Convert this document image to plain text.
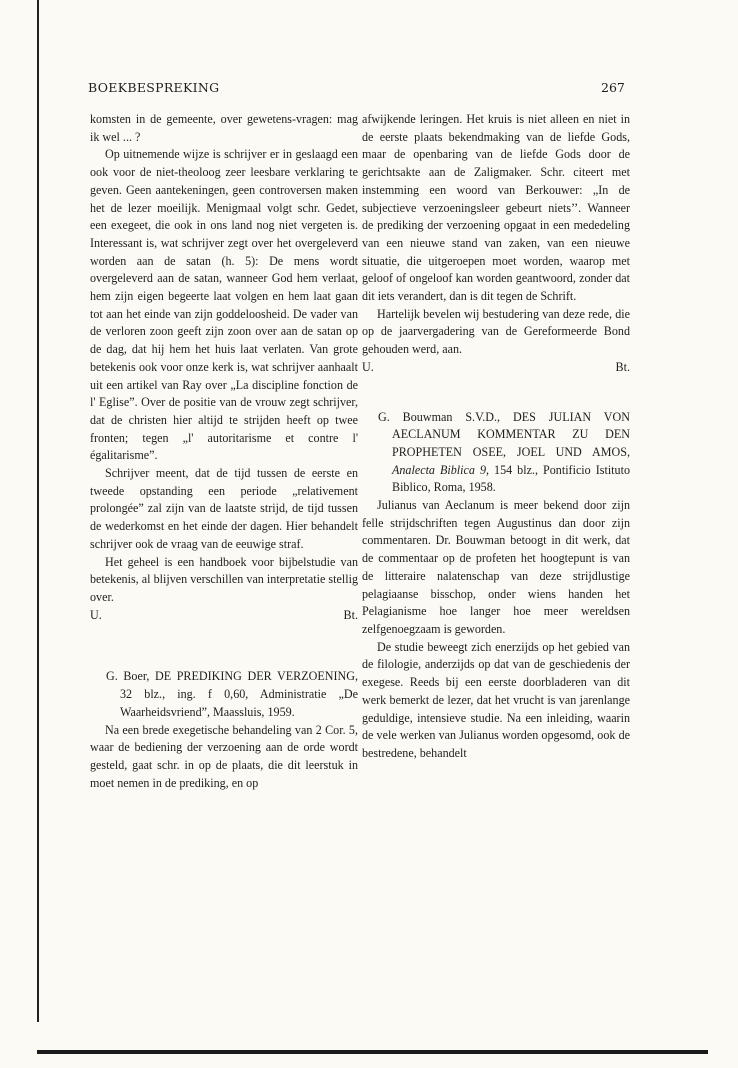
BOEKBESPREKING	267

komsten in de gemeente, over gewetens-vragen: mag ik wel ... ?

Op uitnemende wijze is schrijver er in geslaagd een ook voor de niet-theoloog zeer leesbare verklaring te geven. Geen aantekeningen, geen controversen maken het de lezer moeilijk. Menigmaal volgt schr. Gedet, een exegeet, die ook in ons land nog niet vergeten is. Interessant is, wat schrijver zegt over het overgeleverd worden aan de satan (h. 5): De mens wordt overgeleverd aan de satan, wanneer God hem verlaat, hem zijn eigen begeerte laat volgen en hem laat gaan tot aan het einde van zijn goddeloosheid. De vader van de verloren zoon geeft zijn zoon over aan de satan op de dag, dat hij hem het huis laat verlaten. Van grote betekenis ook voor onze kerk is, wat schrijver aanhaalt uit een artikel van Ray over „La discipline fonction de l' Eglise”. Over de positie van de vrouw zegt schrijver, dat de christen hier altijd te strijden heeft op twee fronten; tegen „l' autoritarisme et contre l' égalitarisme”.

Schrijver meent, dat de tijd tussen de eerste en tweede opstanding een periode „relativement prolongée” zal zijn van de laatste strijd, de tijd tussen de wederkomst en het einde der dagen. Hier behandelt schrijver ook de vraag van de eeuwige straf.

Het geheel is een handboek voor bijbelstudie van betekenis, al blijven verschillen van interpretatie stellig over.

U.	Bt.

G. Boer, DE PREDIKING DER VERZOENING, 32 blz., ing. f 0,60, Administratie „De Waarheidsvriend”, Maassluis, 1959.

Na een brede exegetische behandeling van 2 Cor. 5, waar de bediening der verzoening aan de orde wordt gesteld, gaat schr. in op de plaats, die dit leerstuk in moet nemen in de prediking, en op

afwijkende leringen. Het kruis is niet alleen en niet in de eerste plaats bekendmaking van de liefde Gods, maar de openbaring van de liefde Gods door de gerichtsakte aan de Zaligmaker. Schr. citeert met instemming een woord van Berkouwer: „In de subjectieve verzoeningsleer gebeurt niets’’. Wanneer de prediking der verzoening opgaat in een mededeling van een nieuwe stand van zaken, van een nieuwe situatie, die uitgeroepen moet worden, waarop met geloof of ongeloof kan worden geantwoord, zonder dat dit iets verandert, dan is dit tegen de Schrift.

Hartelijk bevelen wij bestudering van deze rede, die op de jaarvergadering van de Gereformeerde Bond gehouden werd, aan.

U.	Bt.

G. Bouwman S.V.D., DES JULIAN VON AECLANUM KOMMENTAR ZU DEN PROPHETEN OSEE, JOEL UND AMOS, Analecta Biblica 9, 154 blz., Pontificio Istituto Biblico, Roma, 1958.

Julianus van Aeclanum is meer bekend door zijn felle strijdschriften tegen Augustinus dan door zijn commentaren. Dr. Bouwman betoogt in dit werk, dat de commentaar op de profeten het hoogtepunt is van de litteraire nalatenschap van deze strijdlustige pelagiaanse bisschop, onder wiens handen het Pelagianisme hoe langer hoe meer wereldsen zelfgenoegzaam is geworden.

De studie beweegt zich enerzijds op het gebied van de filologie, anderzijds op dat van de geschiedenis der exegese. Reeds bij een eerste doorbladeren van dit werk bemerkt de lezer, dat het vrucht is van jarenlange geduldige, intensieve studie. Na een inleiding, waarin de vele werken van Julianus worden opgesomd, ook de bestredene, behandelt
